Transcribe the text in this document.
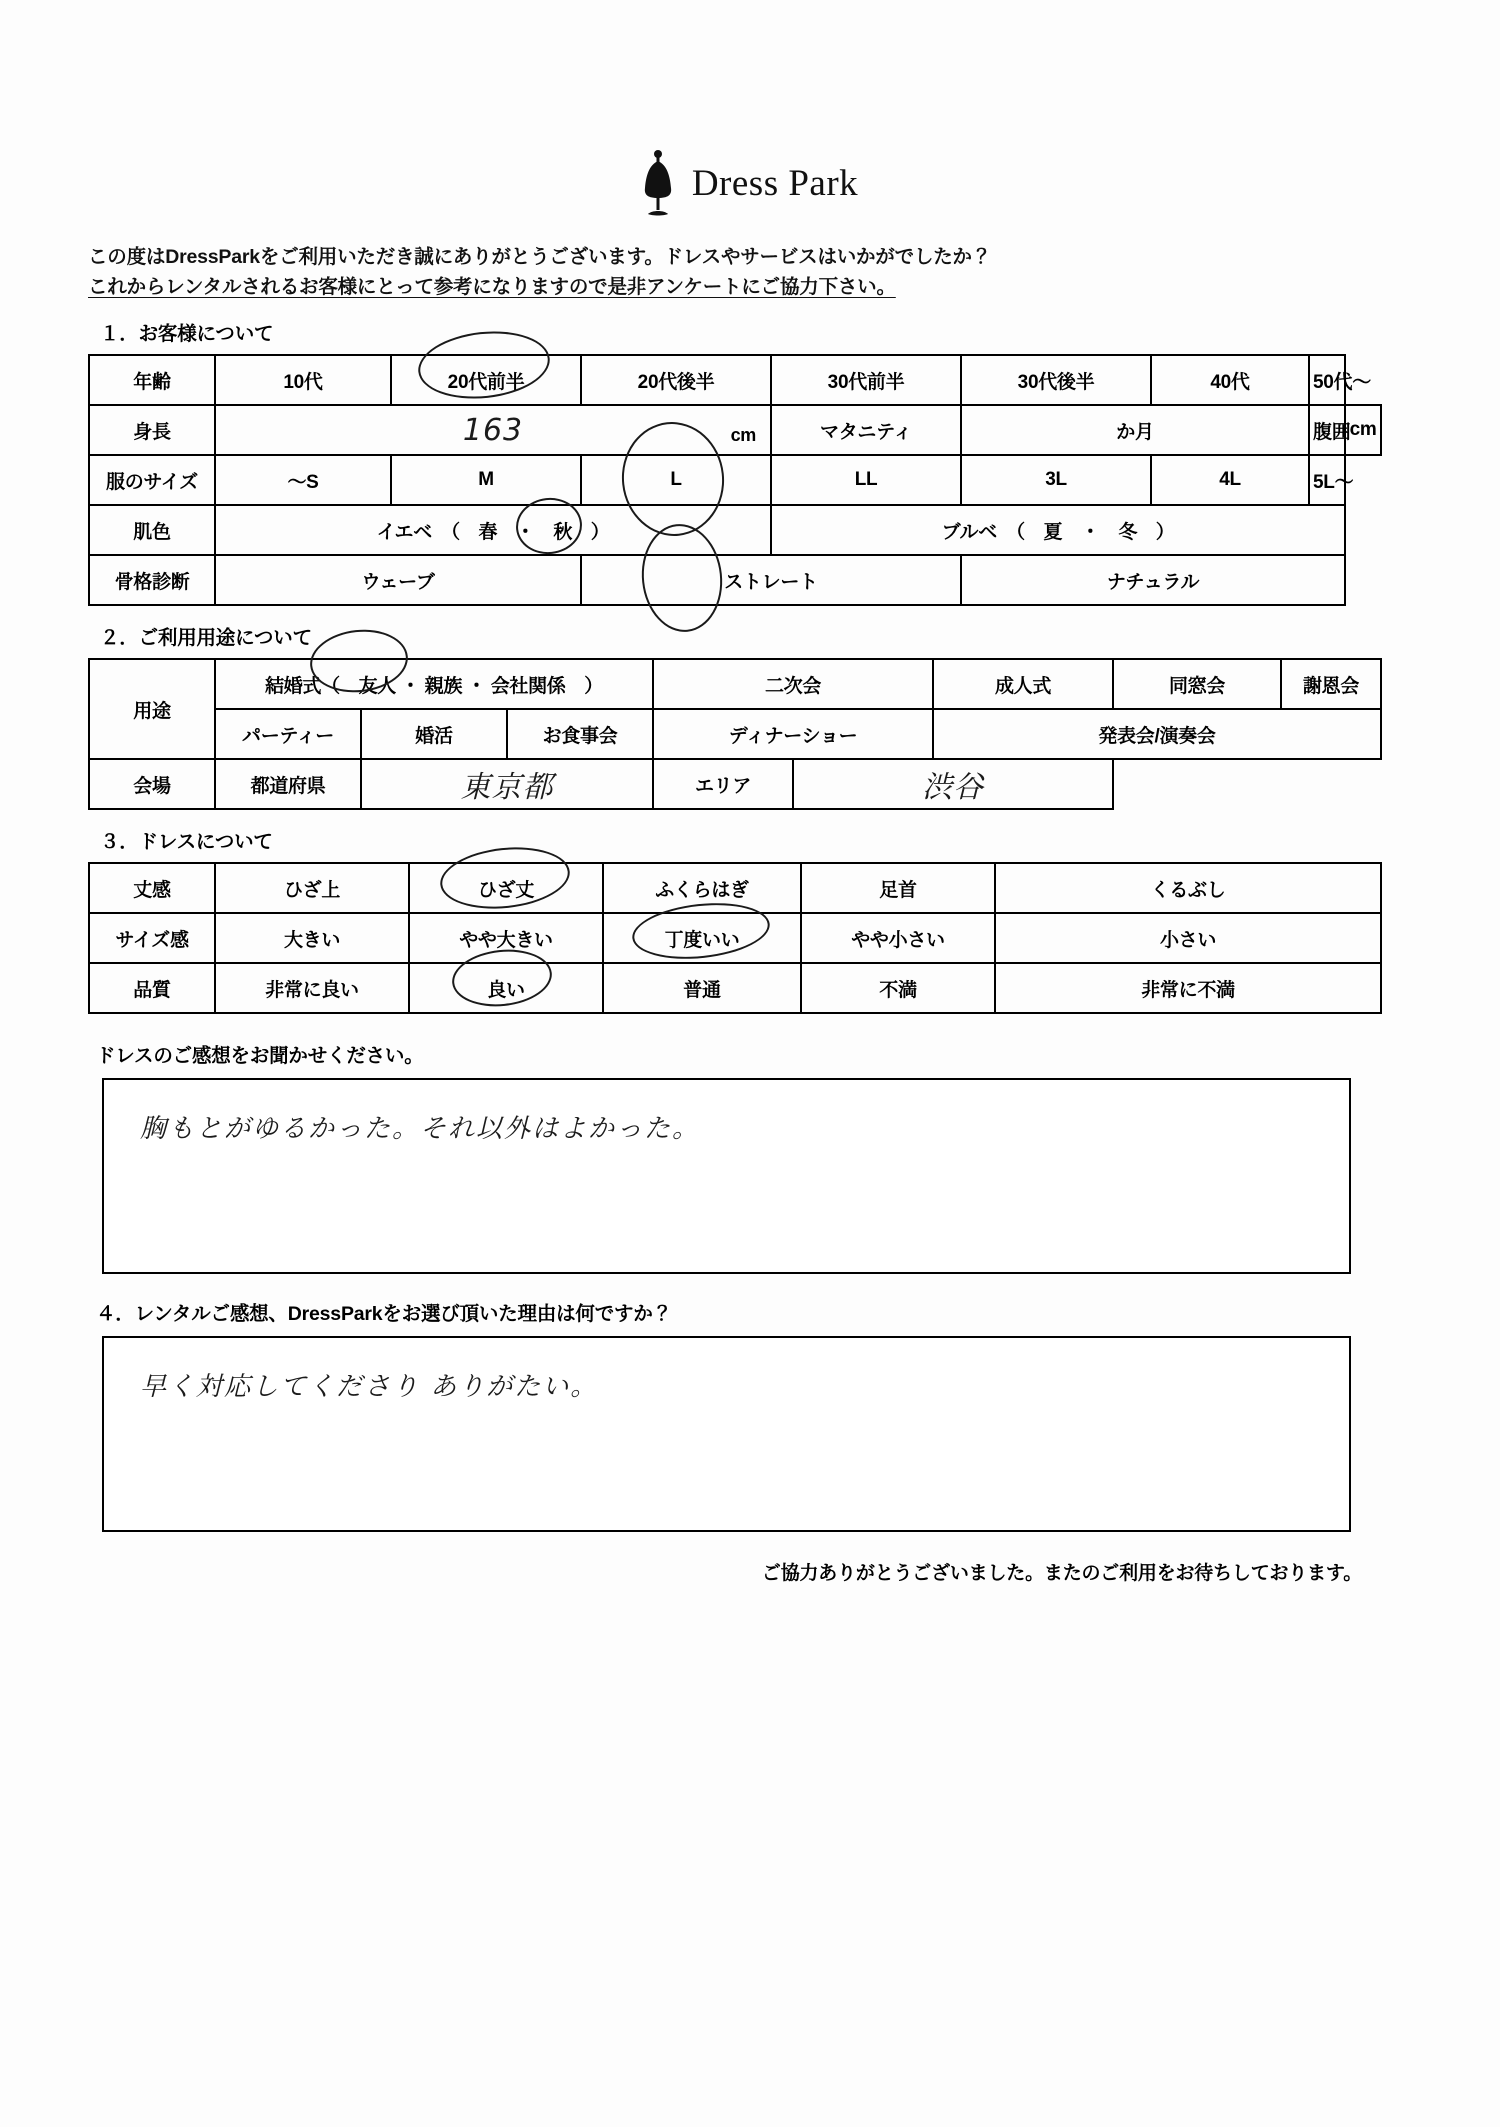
Dress Park
この度はDressParkをご利用いただき誠にありがとうございます。ドレスやサービスはいかがでしたか？
これからレンタルされるお客様にとって参考になりますので是非アンケートにご協力下さい。
１．お客様について
年齢	10代	20代前半	20代後半	30代前半	30代後半	40代	50代〜	
身長	163 cm			マタニティ	か月		腹囲	cm
服のサイズ	〜S	M	L	LL	3L	4L	5L〜	
肌色	イエベ　（　春　・　秋　）			ブルベ　（　夏　・　冬　）				
骨格診断	ウェーブ		ストレート		ナチュラル			
２．ご利用用途について
用途	結婚式（　友人 ・ 親族 ・ 会社関係　）			二次会		成人式	同窓会	謝恩会
	パーティー	婚活	お食事会	ディナーショー		発表会/演奏会		
会場	都道府県	東京都		エリア	渋谷			
３．ドレスについて
丈感	ひざ上	ひざ丈	ふくらはぎ	足首	くるぶし
サイズ感	大きい	やや大きい	丁度いい	やや小さい	小さい
品質	非常に良い	良い	普通	不満	非常に不満
ドレスのご感想をお聞かせください。
胸もとがゆるかった。それ以外はよかった。
４．レンタルご感想、DressParkをお選び頂いた理由は何ですか？
早く対応してくださり ありがたい。
ご協力ありがとうございました。またのご利用をお待ちしております。
